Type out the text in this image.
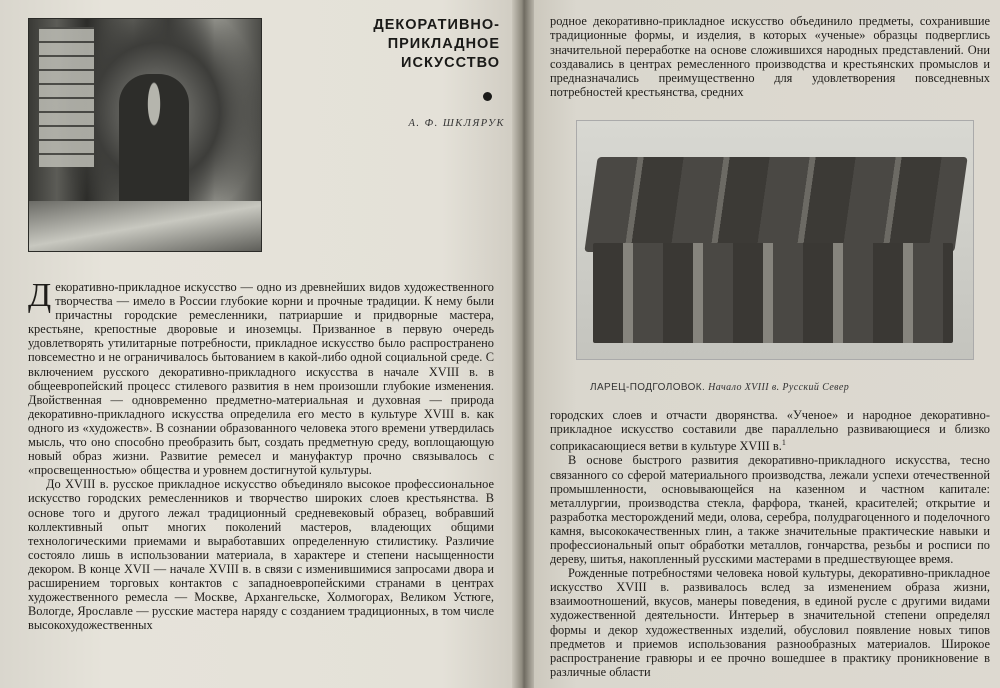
ДЕКОРАТИВНО-
ПРИКЛАДНОЕ
ИСКУССТВО
А. Ф. ШКЛЯРУК

Декоративно-прикладное искусство — одно из древнейших видов художественного творчества — имело в России глубокие корни и прочные традиции. К нему были причастны городские ремесленники, патриаршие и придворные мастера, крестьяне, крепостные дворовые и иноземцы. Призванное в первую очередь удовлетворять утилитарные потребности, прикладное искусство было распространено повсеместно и не ограничивалось бытованием в какой-либо одной социальной среде. С включением русского декоративно-прикладного искусства в начале XVIII в. в общеевропейский процесс стилевого развития в нем произошли глубокие изменения. Двойственная — одновременно предметно-материальная и духовная — природа декоративно-прикладного искусства определила его место в культуре XVIII в. как одного из «художеств». В сознании образованного человека этого времени утвердилась мысль, что оно способно преобразить быт, создать предметную среду, воплощающую новый образ жизни. Развитие ремесел и мануфактур прочно связывалось с «просвещенностью» общества и уровнем достигнутой культуры.

До XVIII в. русское прикладное искусство объединяло высокое профессиональное искусство городских ремесленников и творчество широких слоев крестьянства. В основе того и другого лежал традиционный средневековый образец, вобравший коллективный опыт многих поколений мастеров, владеющих общими технологическими приемами и выработавших определенную стилистику. Различие состояло лишь в использовании материала, в характере и степени насыщенности декором. В конце XVII — начале XVIII в. в связи с изменившимися запросами двора и расширением торговых контактов с западноевропейскими странами в центрах художественного ремесла — Москве, Архангельске, Холмогорах, Великом Устюге, Вологде, Ярославле — русские мастера наряду с созданием традиционных, в том числе высокохудожественных

родное декоративно-прикладное искусство объединило предметы, сохранившие традиционные формы, и изделия, в которых «ученые» образцы подверглись значительной переработке на основе сложившихся народных представлений. Они создавались в центрах ремесленного производства и крестьянских промыслов и предназначались преимущественно для удовлетворения повседневных потребностей крестьянства, средних

ЛАРЕЦ-ПОДГОЛОВОК. Начало XVIII в. Русский Север

городских слоев и отчасти дворянства. «Ученое» и народное декоративно-прикладное искусство составили две параллельно развивающиеся и близко соприкасающиеся ветви в культуре XVIII в.$^1$

В основе быстрого развития декоративно-прикладного искусства, тесно связанного со сферой материального производства, лежали успехи отечественной промышленности, основывающейся на казенном и частном капитале: металлургии, производства стекла, фарфора, тканей, красителей; открытие и разработка месторождений меди, олова, серебра, полудрагоценного и поделочного камня, высококачественных глин, а также значительные практические навыки и профессиональный опыт обработки металлов, гончарства, резьбы и росписи по дереву, шитья, накопленный русскими мастерами в предшествующее время.

Рожденные потребностями человека новой культуры, декоративно-прикладное искусство XVIII в. развивалось вслед за изменением образа жизни, взаимоотношений, вкусов, манеры поведения, в единой русле с другими видами художественной деятельности. Интерьер в значительной степени определял формы и декор художественных изделий, обусловил появление новых типов предметов и приемов использования разнообразных материалов. Широкое распространение гравюры и ее прочно вошедшее в практику проникновение в различные области
